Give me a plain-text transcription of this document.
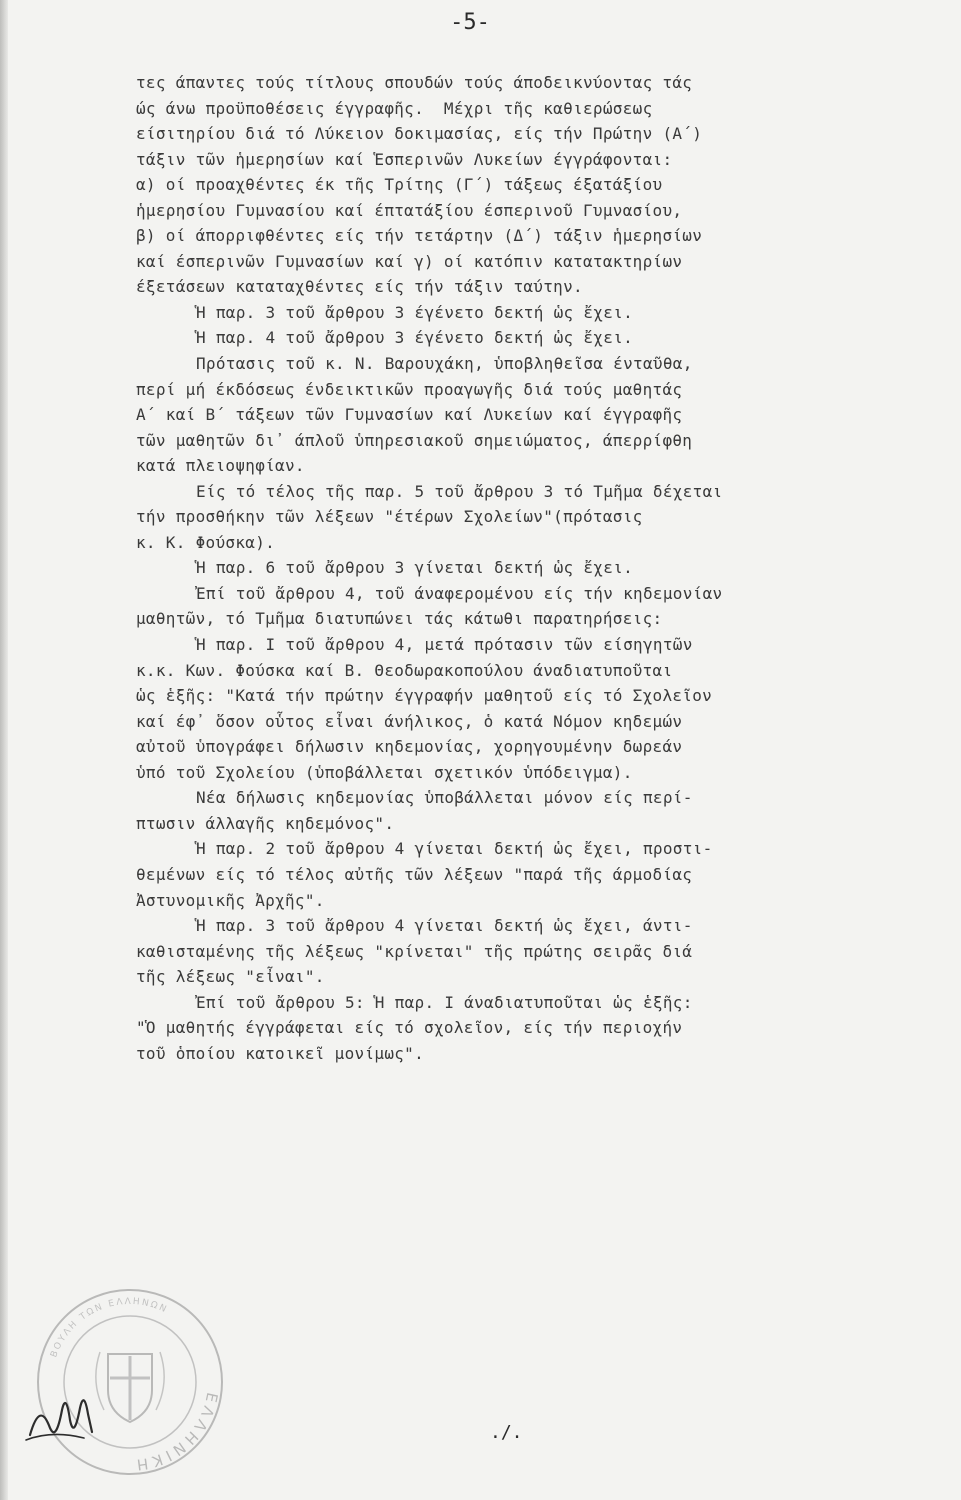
-5-
τες άπαντες τούς τίτλους σπουδών τούς άποδεικνύοντας τάς
ώς άνω προϋποθέσεις έγγραφῆς.  Μέχρι τῆς καθιερώσεως
είσιτηρίου διά τό Λύκειον δοκιμασίας, είς τήν Πρώτην (Α΄)
τάξιν τῶν ἡμερησίων καί Ἑσπερινῶν Λυκείων έγγράφονται:
α) οί προαχθέντες έκ τῆς Τρίτης (Γ΄) τάξεως έξατάξίου
ἡμερησίου Γυμνασίου καί έπτατάξίου έσπερινοῦ Γυμνασίου,
β) οί άπορριφθέντες είς τήν τετάρτην (Δ΄) τάξιν ἡμερησίων
καί έσπερινῶν Γυμνασίων καί γ) οί κατόπιν κατατακτηρίων
έξετάσεων καταταχθέντες είς τήν τάξιν ταύτην.
Ἡ παρ. 3 τοῦ ἄρθρου 3 έγένετο δεκτή ὡς ἔχει.
Ἡ παρ. 4 τοῦ ἄρθρου 3 έγένετο δεκτή ὡς ἔχει.
Πρότασις τοῦ κ. Ν. Βαρουχάκη, ὑποβληθεῖσα ένταῦθα,
περί μή έκδόσεως ένδεικτικῶν προαγωγῆς διά τούς μαθητάς
Α΄ καί Β΄ τάξεων τῶν Γυμνασίων καί Λυκείων καί έγγραφῆς
τῶν μαθητῶν δι᾽ άπλοῦ ὑπηρεσιακοῦ σημειώματος, άπερρίφθη
κατά πλειοψηφίαν.
Είς τό τέλος τῆς παρ. 5 τοῦ ἄρθρου 3 τό Τμῆμα δέχεται
τήν προσθήκην τῶν λέξεων "έτέρων Σχολείων"(πρότασις
κ. Κ. Φούσκα).
Ἡ παρ. 6 τοῦ ἄρθρου 3 γίνεται δεκτή ὡς ἔχει.
Ἐπί τοῦ ἄρθρου 4, τοῦ άναφερομένου είς τήν κηδεμονίαν
μαθητῶν, τό Τμῆμα διατυπώνει τάς κάτωθι παρατηρήσεις:
Ἡ παρ. Ι τοῦ ἄρθρου 4, μετά πρότασιν τῶν είσηγητῶν
κ.κ. Κων. Φούσκα καί Β. Θεοδωρακοπούλου άναδιατυποῦται
ὡς ἑξῆς: "Κατά τήν πρώτην έγγραφήν μαθητοῦ είς τό Σχολεῖον
καί έφ᾽ ὅσον οὗτος εἶναι άνήλικος, ὁ κατά Νόμον κηδεμών
αὐτοῦ ὑπογράφει δήλωσιν κηδεμονίας, χορηγουμένην δωρεάν
ὑπό τοῦ Σχολείου (ὑποβάλλεται σχετικόν ὑπόδειγμα).
Νέα δήλωσις κηδεμονίας ὑποβάλλεται μόνον είς περί-
πτωσιν άλλαγῆς κηδεμόνος".
Ἡ παρ. 2 τοῦ ἄρθρου 4 γίνεται δεκτή ὡς ἔχει, προστι-
θεμένων είς τό τέλος αὐτῆς τῶν λέξεων "παρά τῆς άρμοδίας
Ἀστυνομικῆς Ἀρχῆς".
Ἡ παρ. 3 τοῦ ἄρθρου 4 γίνεται δεκτή ὡς ἔχει, άντι-
καθισταμένης τῆς λέξεως "κρίνεται" τῆς πρώτης σειρᾶς διά
τῆς λέξεως "εἶναι".
Ἐπί τοῦ ἄρθρου 5: Ἡ παρ. Ι άναδιατυποῦται ὡς ἑξῆς:
"Ὁ μαθητής έγγράφεται είς τό σχολεῖον, είς τήν περιοχήν
τοῦ ὁποίου κατοικεῖ μονίμως".
./.
ΕΛΛΗΝΙΚΗ
ΒΟΥΛΗ ΤΩΝ ΕΛΛΗΝΩΝ
